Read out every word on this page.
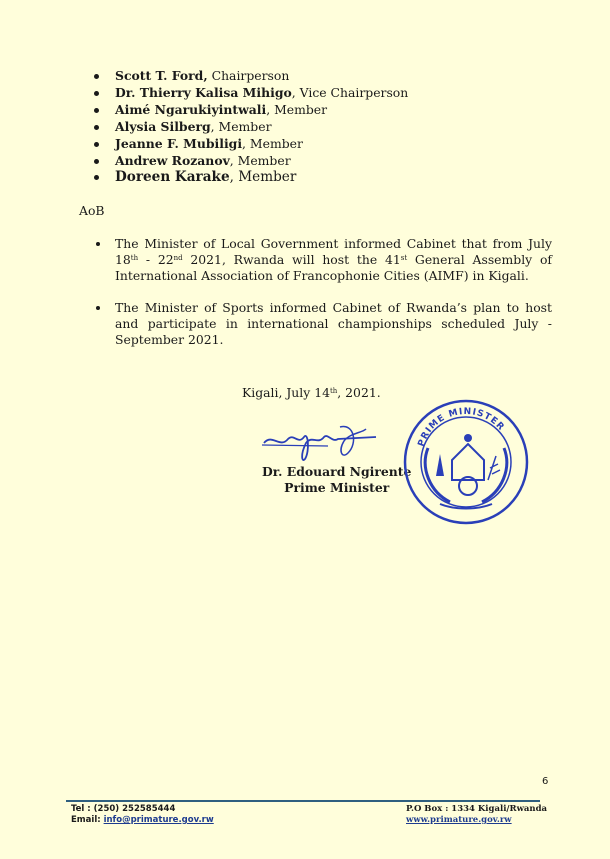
Scott T. Ford, Chairperson
Dr. Thierry Kalisa Mihigo, Vice Chairperson
Aimé Ngarukiyintwali, Member
Alysia Silberg, Member
Jeanne F. Mubiligi, Member
Andrew Rozanov, Member
Doreen Karake, Member
AoB
The Minister of Local Government informed Cabinet that from July 18th - 22nd 2021, Rwanda will host the 41st General Assembly of International Association of Francophonie Cities (AIMF) in Kigali.
The Minister of Sports informed Cabinet of Rwanda’s plan to host and participate in international championships scheduled July - September 2021.
Kigali, July 14th, 2021.
Dr. Edouard Ngirente
Prime Minister
PRIME MINISTER
6
Tel : (250) 252585444
Email: info@primature.gov.rw
P.O Box : 1334 Kigali/Rwanda
www.primature.gov.rw
